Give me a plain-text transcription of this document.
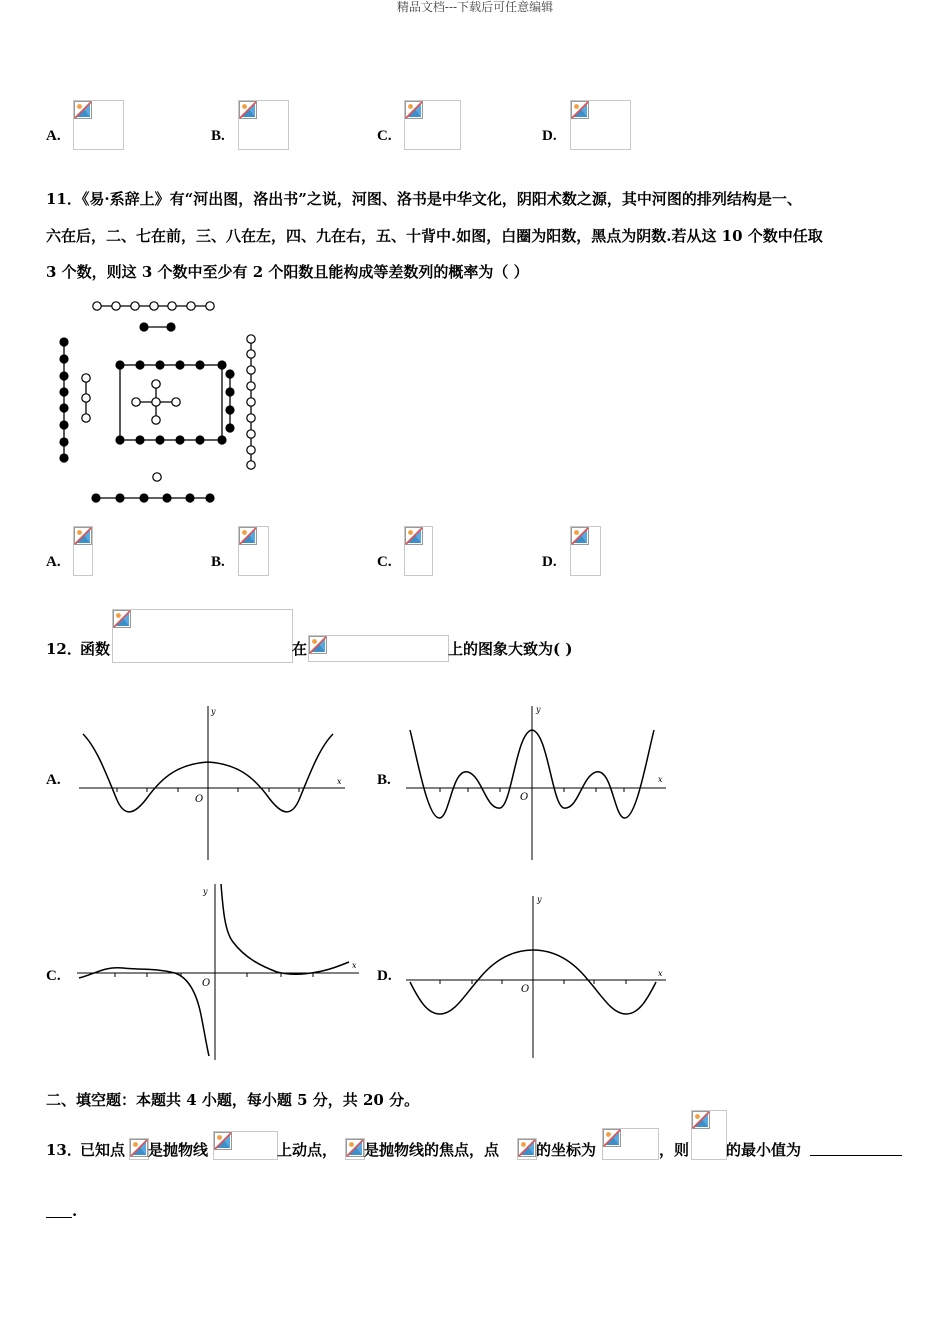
精品文档---下载后可任意编辑
A.	B.	C.	D.
11．《易·系辞上》有“河出图，洛出书”之说，河图、洛书是中华文化，阴阳术数之源，其中河图的排列结构是一、
六在后，二、七在前，三、八在左，四、九在右，五、十背中.如图，白圈为阳数，黑点为阴数.若从这 10 个数中任取
3 个数，则这 3 个数中至少有 2 个阳数且能构成等差数列的概率为（ ）
A.	B.	C.	D.
12．
函数	在	上的图象大致为( )
A.	B.
C.	D.
y
x
O
y
x
O
y
x
O
y
x
O
二、填空题：本题共 4 小题，每小题 5 分，共 20 分。
13．
已知点 是抛物线	上动点， 是抛物线的焦点，点 的坐标为	，则 的最小值为
.
